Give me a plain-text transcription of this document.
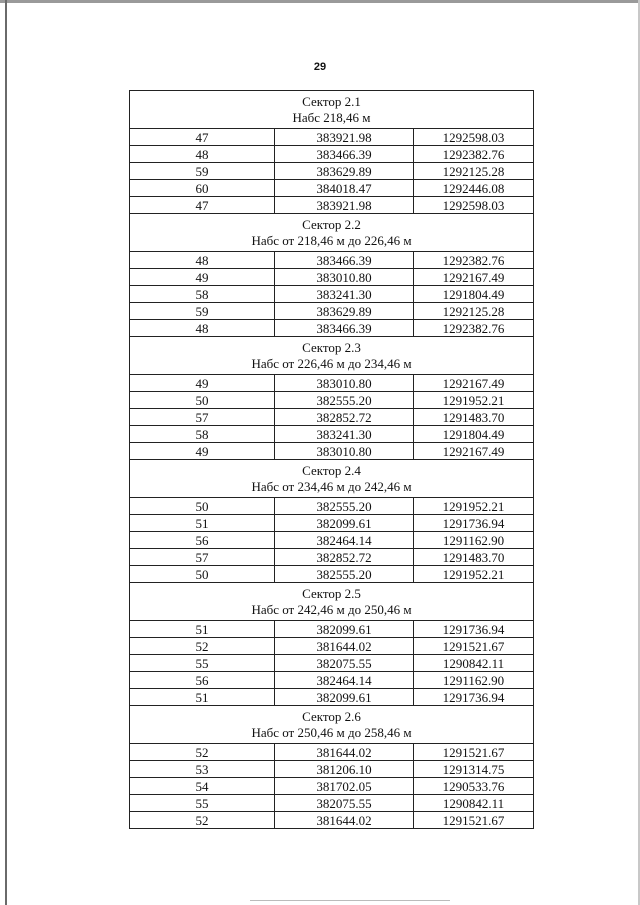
29
Сектор 2.1
Набс 218,46 м		

47	383921.98	1292598.03
48	383466.39	1292382.76
59	383629.89	1292125.28
60	384018.47	1292446.08
47	383921.98	1292598.03

Сектор 2.2
Набс от 218,46 м до 226,46 м		

48	383466.39	1292382.76
49	383010.80	1292167.49
58	383241.30	1291804.49
59	383629.89	1292125.28
48	383466.39	1292382.76

Сектор 2.3
Набс от 226,46 м до 234,46 м		

49	383010.80	1292167.49
50	382555.20	1291952.21
57	382852.72	1291483.70
58	383241.30	1291804.49
49	383010.80	1292167.49

Сектор 2.4
Набс от 234,46 м до 242,46 м		

50	382555.20	1291952.21
51	382099.61	1291736.94
56	382464.14	1291162.90
57	382852.72	1291483.70
50	382555.20	1291952.21

Сектор 2.5
Набс от 242,46 м до 250,46 м		

51	382099.61	1291736.94
52	381644.02	1291521.67
55	382075.55	1290842.11
56	382464.14	1291162.90
51	382099.61	1291736.94

Сектор 2.6
Набс от 250,46 м до 258,46 м		

52	381644.02	1291521.67
53	381206.10	1291314.75
54	381702.05	1290533.76
55	382075.55	1290842.11
52	381644.02	1291521.67
